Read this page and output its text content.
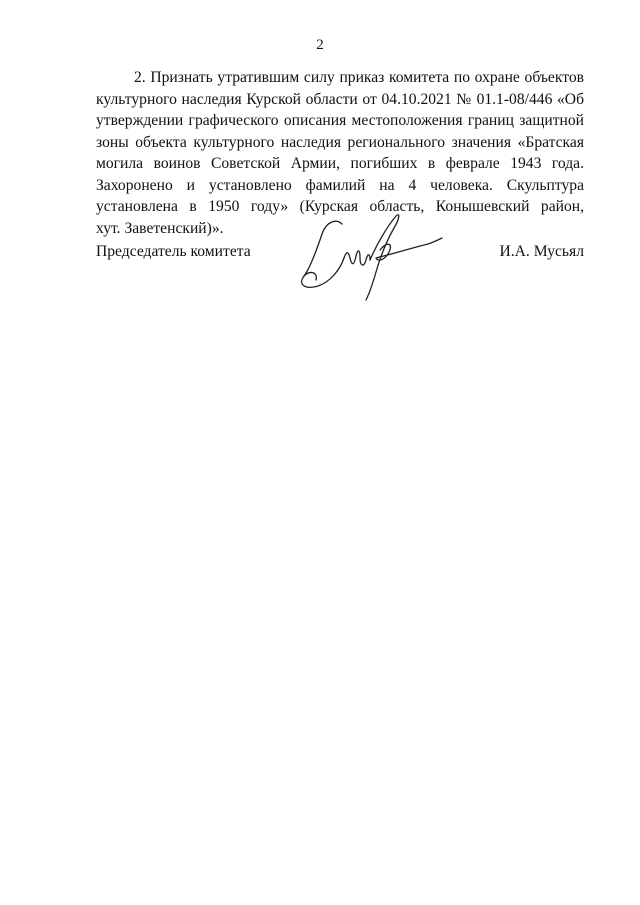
2
2. Признать утратившим силу приказ комитета по охране объектов
культурного наследия Курской области от 04.10.2021 № 01.1-08/446 «Об
утверждении графического описания местоположения границ защитной
зоны объекта культурного наследия регионального значения «Братская
могила воинов Советской Армии, погибших в феврале 1943 года.
Захоронено и установлено фамилий на 4 человека. Скульптура
установлена в 1950 году» (Курская область, Конышевский район,
хут. Заветенский)».
Председатель комитета	И.А. Мусьял
